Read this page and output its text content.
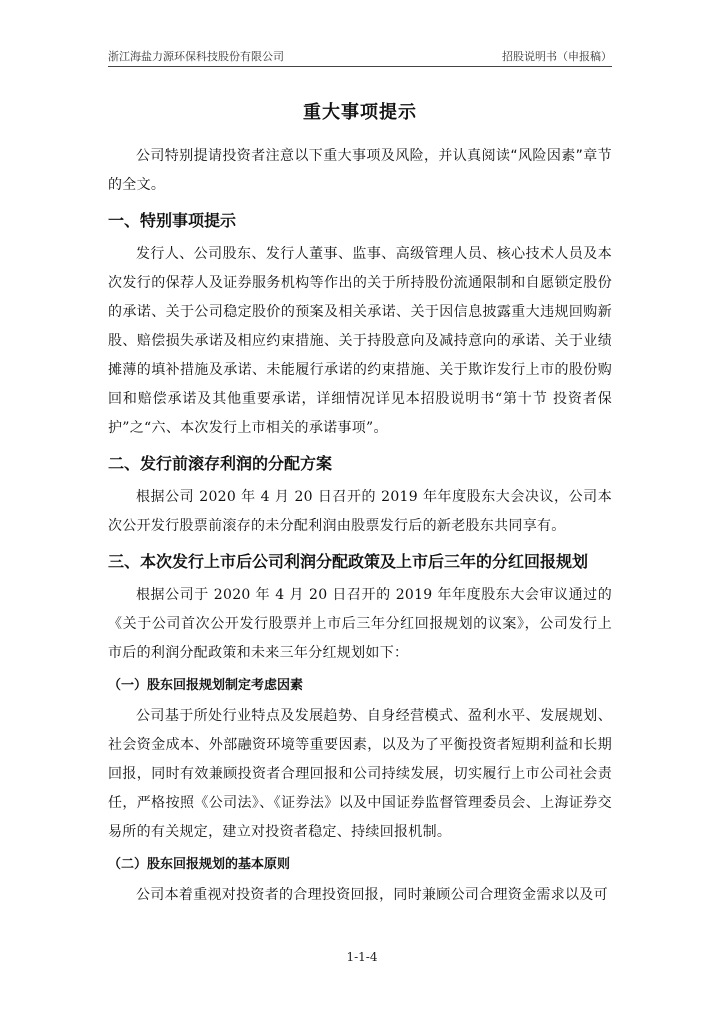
浙江海盐力源环保科技股份有限公司	招股说明书（申报稿）
重大事项提示

公司特别提请投资者注意以下重大事项及风险，并认真阅读“风险因素”章节的全文。

一、特别事项提示

发行人、公司股东、发行人董事、监事、高级管理人员、核心技术人员及本次发行的保荐人及证券服务机构等作出的关于所持股份流通限制和自愿锁定股份的承诺、关于公司稳定股价的预案及相关承诺、关于因信息披露重大违规回购新股、赔偿损失承诺及相应约束措施、关于持股意向及减持意向的承诺、关于业绩摊薄的填补措施及承诺、未能履行承诺的约束措施、关于欺诈发行上市的股份购回和赔偿承诺及其他重要承诺，详细情况详见本招股说明书“第十节 投资者保护”之“六、本次发行上市相关的承诺事项”。

二、发行前滚存利润的分配方案

根据公司 2020 年 4 月 20 日召开的 2019 年年度股东大会决议，公司本次公开发行股票前滚存的未分配利润由股票发行后的新老股东共同享有。

三、本次发行上市后公司利润分配政策及上市后三年的分红回报规划

根据公司于 2020 年 4 月 20 日召开的 2019 年年度股东大会审议通过的《关于公司首次公开发行股票并上市后三年分红回报规划的议案》，公司发行上市后的利润分配政策和未来三年分红规划如下：

（一）股东回报规划制定考虑因素

公司基于所处行业特点及发展趋势、自身经营模式、盈利水平、发展规划、社会资金成本、外部融资环境等重要因素，以及为了平衡投资者短期利益和长期回报，同时有效兼顾投资者合理回报和公司持续发展，切实履行上市公司社会责任，严格按照《公司法》、《证券法》以及中国证券监督管理委员会、上海证券交易所的有关规定，建立对投资者稳定、持续回报机制。

（二）股东回报规划的基本原则

公司本着重视对投资者的合理投资回报，同时兼顾公司合理资金需求以及可

1-1-4
